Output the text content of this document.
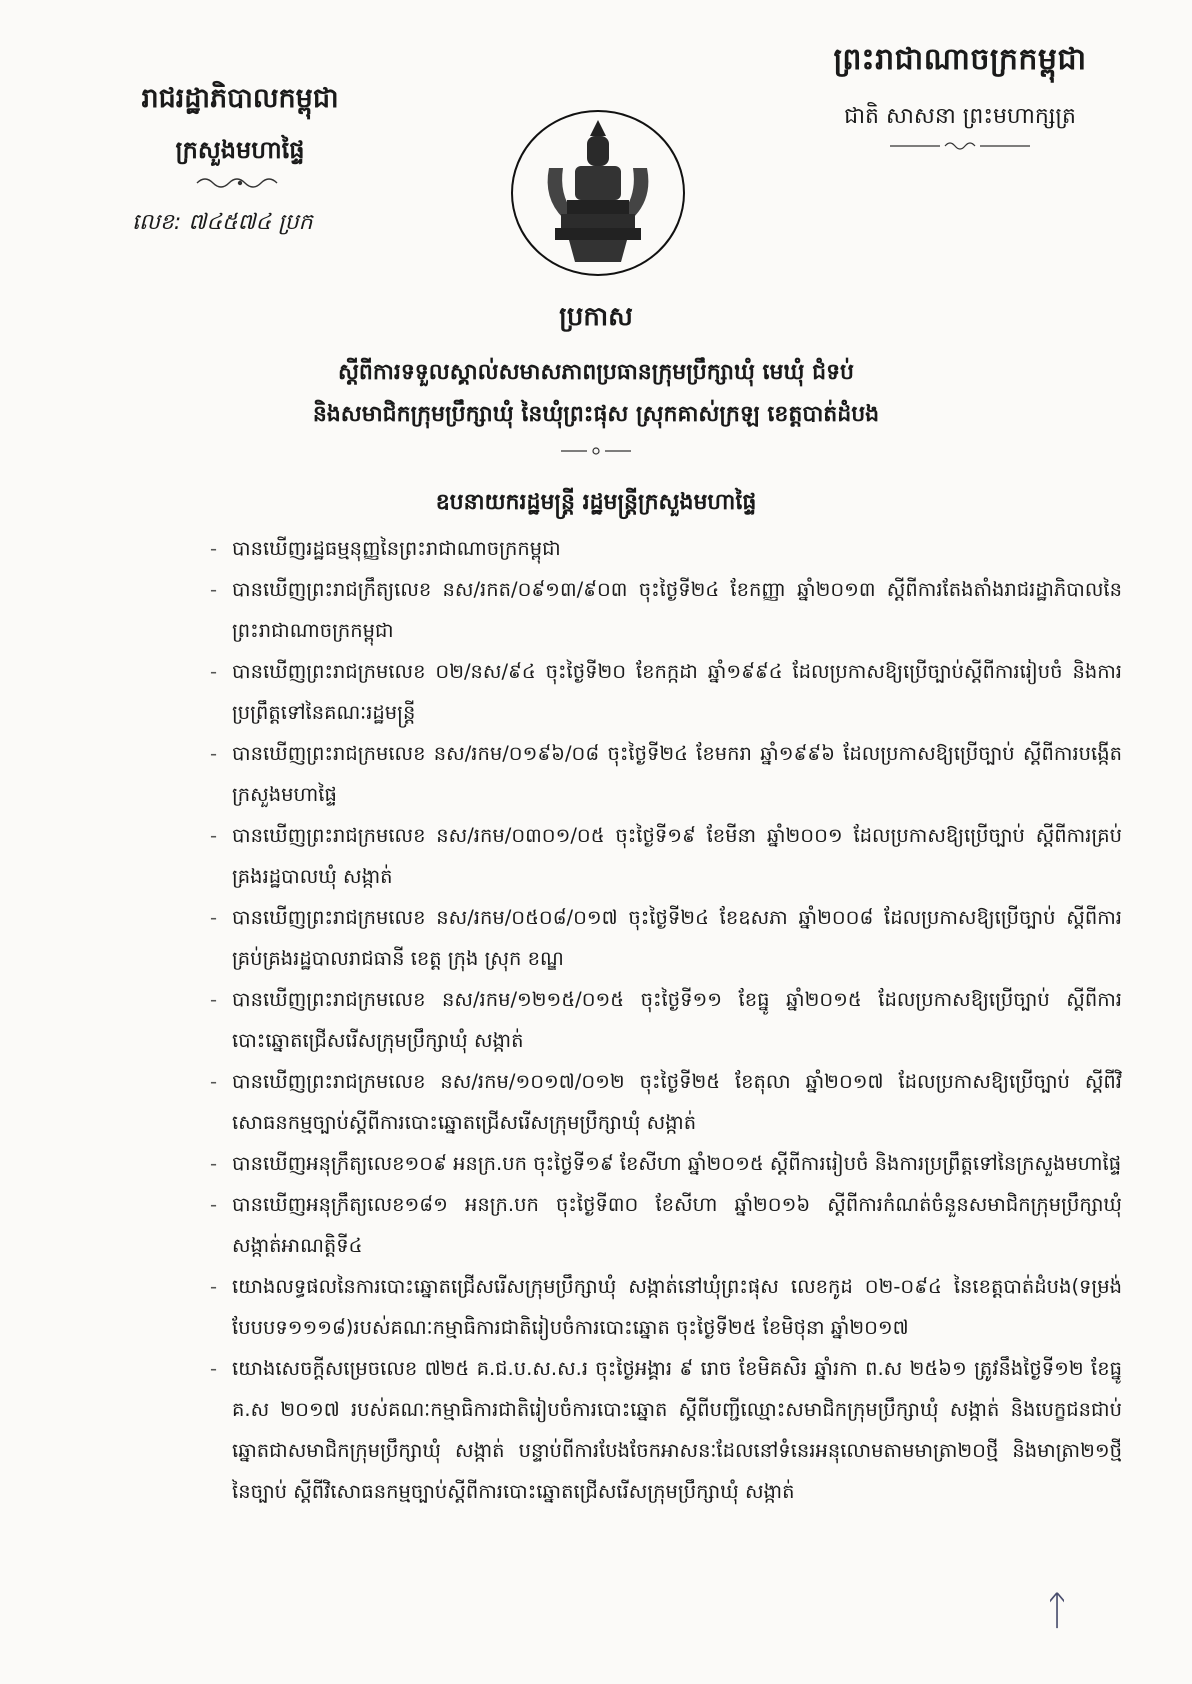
ព្រះរាជាណាចក្រកម្ពុជា
ជាតិ សាសនា ព្រះមហាក្សត្រ
រាជរដ្ឋាភិបាលកម្ពុជា
ក្រសួងមហាផ្ទៃ
លេខ: ៧៤៥៧៤ ប្រក
ប្រកាស
ស្តីពីការទទួលស្គាល់សមាសភាពប្រធានក្រុមប្រឹក្សាឃុំ មេឃុំ ជំទប់
និងសមាជិកក្រុមប្រឹក្សាឃុំ នៃឃុំព្រះផុស ស្រុកគាស់ក្រឡ ខេត្តបាត់ដំបង
ឧបនាយករដ្ឋមន្ត្រី រដ្ឋមន្ត្រីក្រសួងមហាផ្ទៃ
- បានឃើញរដ្ឋធម្មនុញ្ញនៃព្រះរាជាណាចក្រកម្ពុជា
- បានឃើញព្រះរាជក្រឹត្យលេខ នស/រកត/០៩១៣/៩០៣ ចុះថ្ងៃទី២៤ ខែកញ្ញា ឆ្នាំ២០១៣ ស្តីពីការតែងតាំងរាជរដ្ឋាភិបាលនៃព្រះរាជាណាចក្រកម្ពុជា
- បានឃើញព្រះរាជក្រមលេខ ០២/នស/៩៤ ចុះថ្ងៃទី២០ ខែកក្កដា ឆ្នាំ១៩៩៤ ដែលប្រកាសឱ្យប្រើច្បាប់ស្តីពីការរៀបចំ និងការប្រព្រឹត្តទៅនៃគណៈរដ្ឋមន្ត្រី
- បានឃើញព្រះរាជក្រមលេខ នស/រកម/០១៩៦/០៨ ចុះថ្ងៃទី២៤ ខែមករា ឆ្នាំ១៩៩៦ ដែលប្រកាសឱ្យប្រើច្បាប់ ស្តីពីការបង្កើតក្រសួងមហាផ្ទៃ
- បានឃើញព្រះរាជក្រមលេខ នស/រកម/០៣០១/០៥ ចុះថ្ងៃទី១៩ ខែមីនា ឆ្នាំ២០០១ ដែលប្រកាសឱ្យប្រើច្បាប់ ស្តីពីការគ្រប់គ្រងរដ្ឋបាលឃុំ សង្កាត់
- បានឃើញព្រះរាជក្រមលេខ នស/រកម/០៥០៨/០១៧ ចុះថ្ងៃទី២៤ ខែឧសភា ឆ្នាំ២០០៨ ដែលប្រកាសឱ្យប្រើច្បាប់ ស្តីពីការគ្រប់គ្រងរដ្ឋបាលរាជធានី ខេត្ត ក្រុង ស្រុក ខណ្ឌ
- បានឃើញព្រះរាជក្រមលេខ នស/រកម/១២១៥/០១៥ ចុះថ្ងៃទី១១ ខែធ្នូ ឆ្នាំ២០១៥ ដែលប្រកាសឱ្យប្រើច្បាប់ ស្តីពីការបោះឆ្នោតជ្រើសរើសក្រុមប្រឹក្សាឃុំ សង្កាត់
- បានឃើញព្រះរាជក្រមលេខ នស/រកម/១០១៧/០១២ ចុះថ្ងៃទី២៥ ខែតុលា ឆ្នាំ២០១៧ ដែលប្រកាសឱ្យប្រើច្បាប់ ស្តីពីវិសោធនកម្មច្បាប់ស្តីពីការបោះឆ្នោតជ្រើសរើសក្រុមប្រឹក្សាឃុំ សង្កាត់
- បានឃើញអនុក្រឹត្យលេខ១០៩ អនក្រ.បក ចុះថ្ងៃទី១៩ ខែសីហា ឆ្នាំ២០១៥ ស្តីពីការរៀបចំ និងការប្រព្រឹត្តទៅនៃក្រសួងមហាផ្ទៃ
- បានឃើញអនុក្រឹត្យលេខ១៨១ អនក្រ.បក ចុះថ្ងៃទី៣០ ខែសីហា ឆ្នាំ២០១៦ ស្តីពីការកំណត់ចំនួនសមាជិកក្រុមប្រឹក្សាឃុំ សង្កាត់អាណត្តិទី៤
- យោងលទ្ធផលនៃការបោះឆ្នោតជ្រើសរើសក្រុមប្រឹក្សាឃុំ សង្កាត់នៅឃុំព្រះផុស លេខកូដ ០២-០៩៤ នៃខេត្តបាត់ដំបង(ទម្រង់បែបបទ១១១៨)របស់គណៈកម្មាធិការជាតិរៀបចំការបោះឆ្នោត ចុះថ្ងៃទី២៥ ខែមិថុនា ឆ្នាំ២០១៧
- យោងសេចក្តីសម្រេចលេខ ៧២៥ គ.ជ.ប.ស.ស.រ ចុះថ្ងៃអង្គារ ៩ រោច ខែមិគសិរ ឆ្នាំរកា ព.ស ២៥៦១ ត្រូវនឹងថ្ងៃទី១២ ខែធ្នូ គ.ស ២០១៧ របស់គណៈកម្មាធិការជាតិរៀបចំការបោះឆ្នោត ស្តីពីបញ្ជីឈ្មោះសមាជិកក្រុមប្រឹក្សាឃុំ សង្កាត់ និងបេក្ខជនជាប់ឆ្នោតជាសមាជិកក្រុមប្រឹក្សាឃុំ សង្កាត់ បន្ទាប់ពីការបែងចែកអាសនៈដែលនៅទំនេរអនុលោមតាមមាត្រា២០ថ្មី និងមាត្រា២១ថ្មី នៃច្បាប់ ស្តីពីវិសោធនកម្មច្បាប់ស្តីពីការបោះឆ្នោតជ្រើសរើសក្រុមប្រឹក្សាឃុំ សង្កាត់
ᛏ
